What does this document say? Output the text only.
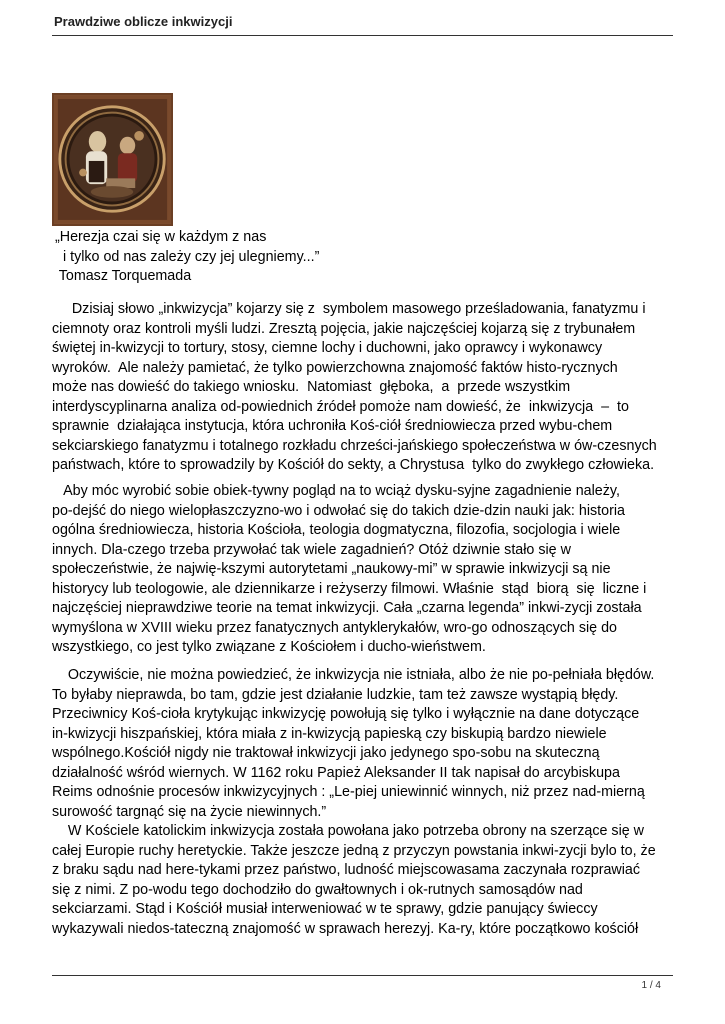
Prawdziwe oblicze inkwizycji
„Herezja czai się w każdym z nas
i tylko od nas zależy czy jej ulegniemy...”
Tomasz Torquemada
Dzisiaj słowo „inkwizycja” kojarzy się z  symbolem masowego prześladowania, fanatyzmu i
ciemnoty oraz kontroli myśli ludzi. Zresztą pojęcia, jakie najczęściej kojarzą się z trybunałem
świętej in-kwizycji to tortury, stosy, ciemne lochy i duchowni, jako oprawcy i wykonawcy
wyroków.  Ale należy pamietać, że tylko powierzchowna znajomość faktów histo-rycznych
może nas dowieść do takiego wniosku.  Natomiast  głęboka,  a  przede wszystkim
interdyscyplinarna analiza od-powiednich źródeł pomoże nam dowieść, że  inkwizycja  –  to
sprawnie  działająca instytucja, która uchroniła Koś-ciół średniowiecza przed wybu-chem
sekciarskiego fanatyzmu i totalnego rozkładu chrześci-jańskiego społeczeństwa w ów-czesnych
państwach, które to sprowadzily by Kościół do sekty, a Chrystusa  tylko do zwykłego człowieka.
Aby móc wyrobić sobie obiek-tywny pogląd na to wciąż dysku-syjne zagadnienie należy,
po-dejść do niego wielopłaszczyzno-wo i odwołać się do takich dzie-dzin nauki jak: historia
ogólna średniowiecza, historia Kościoła, teologia dogmatyczna, filozofia, socjologia i wiele
innych. Dla-czego trzeba przywołać tak wiele zagadnień? Otóż dziwnie stało się w
społeczeństwie, że najwię-kszymi autorytetami „naukowy-mi” w sprawie inkwizycji są nie
historycy lub teologowie, ale dziennikarze i reżyserzy filmowi. Właśnie  stąd  biorą  się  liczne i
najczęściej nieprawdziwe teorie na temat inkwizycji. Cała „czarna legenda” inkwi-zycji została
wymyślona w XVIII wieku przez fanatycznych antyklerykałów, wro-go odnoszących się do
wszystkiego, co jest tylko związane z Kościołem i ducho-wieństwem.
Oczywiście, nie można powiedzieć, że inkwizycja nie istniała, albo że nie po-pełniała błędów.
To byłaby nieprawda, bo tam, gdzie jest działanie ludzkie, tam też zawsze wystąpią błędy.
Przeciwnicy Koś-cioła krytykując inkwizycję powołują się tylko i wyłącznie na dane dotyczące
in-kwizycji hiszpańskiej, która miała z in-kwizycją papieską czy biskupią bardzo niewiele
wspólnego.Kościół nigdy nie traktował inkwizycji jako jedynego spo-sobu na skuteczną
działalność wśród wiernych. W 1162 roku Papież Aleksander II tak napisał do arcybiskupa
Reims odnośnie procesów inkwizycyjnych : „Le-piej uniewinnić winnych, niż przez nad-mierną
surowość targnąć się na życie niewinnych.”
W Kościele katolickim inkwizycja została powołana jako potrzeba obrony na szerzące się w
całej Europie ruchy heretyckie. Także jeszcze jedną z przyczyn powstania inkwi-zycji bylo to, że
z braku sądu nad here-tykami przez państwo, ludność miejscowasama zaczynała rozprawiać
się z nimi. Z po-wodu tego dochodziło do gwałtownych i ok-rutnych samosądów nad
sekciarzami. Stąd i Kościół musiał interweniować w te sprawy, gdzie panujący świeccy
wykazywali niedos-tateczną znajomość w sprawach herezyj. Ka-ry, które początkowo kościół
1 / 4
